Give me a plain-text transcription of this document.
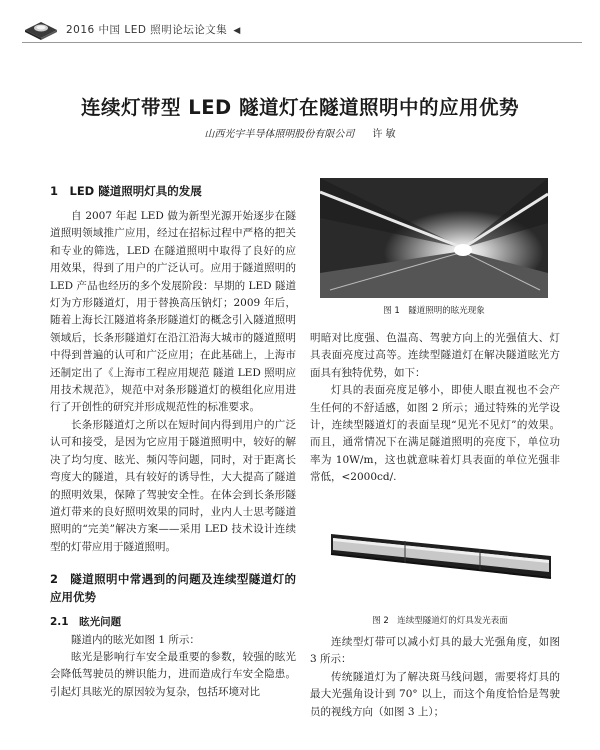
2016 中国 LED 照明论坛论文集 ◀
连续灯带型 LED 隧道灯在隧道照明中的应用优势
山西光宇半导体照明股份有限公司 许 敏
1　LED 隧道照明灯具的发展

自 2007 年起 LED 做为新型光源开始逐步在隧道照明领域推广应用，经过在招标过程中严格的把关和专业的筛选，LED 在隧道照明中取得了良好的应用效果，得到了用户的广泛认可。应用于隧道照明的 LED 产品也经历的多个发展阶段：早期的 LED 隧道灯为方形隧道灯，用于替换高压钠灯；2009 年后，随着上海长江隧道将条形隧道灯的概念引入隧道照明领域后，长条形隧道灯在沿江沿海大城市的隧道照明中得到普遍的认可和广泛应用；在此基础上，上海市还制定出了《上海市工程应用规范 隧道 LED 照明应用技术规范》，规范中对条形隧道灯的模组化应用进行了开创性的研究并形成规范性的标准要求。

长条形隧道灯之所以在短时间内得到用户的广泛认可和接受，是因为它应用于隧道照明中，较好的解决了均匀度、眩光、频闪等问题，同时，对于距离长弯度大的隧道，具有较好的诱导性，大大提高了隧道的照明效果，保障了驾驶安全性。在体会到长条形隧道灯带来的良好照明效果的同时，业内人士思考隧道照明的“完美”解决方案——采用 LED 技术设计连续型的灯带应用于隧道照明。

2　隧道照明中常遇到的问题及连续型隧道灯的应用优势
2.1　眩光问题

隧道内的眩光如图 1 所示：

眩光是影响行车安全最重要的参数，较强的眩光会降低驾驶员的辨识能力，进而造成行车安全隐患。引起灯具眩光的原因较为复杂，包括环境对比

图 1　隧道照明的眩光现象

明暗对比度强、色温高、驾驶方向上的光强值大、灯具表面亮度过高等。连续型隧道灯在解决隧道眩光方面具有独特优势，如下：

灯具的表面亮度足够小，即使人眼直视也不会产生任何的不舒适感，如图 2 所示；通过特殊的光学设计，连续型隧道灯的表面呈现“见光不见灯”的效果。而且，通常情况下在满足隧道照明的亮度下，单位功率为 10W/m，这也就意味着灯具表面的单位光强非常低，<2000cd/.

图 2　连续型隧道灯的灯具发光表面

连续型灯带可以减小灯具的最大光强角度，如图 3 所示：

传统隧道灯为了解决斑马线问题，需要将灯具的最大光强角设计到 70° 以上，而这个角度恰恰是驾驶员的视线方向（如图 3 上）；
